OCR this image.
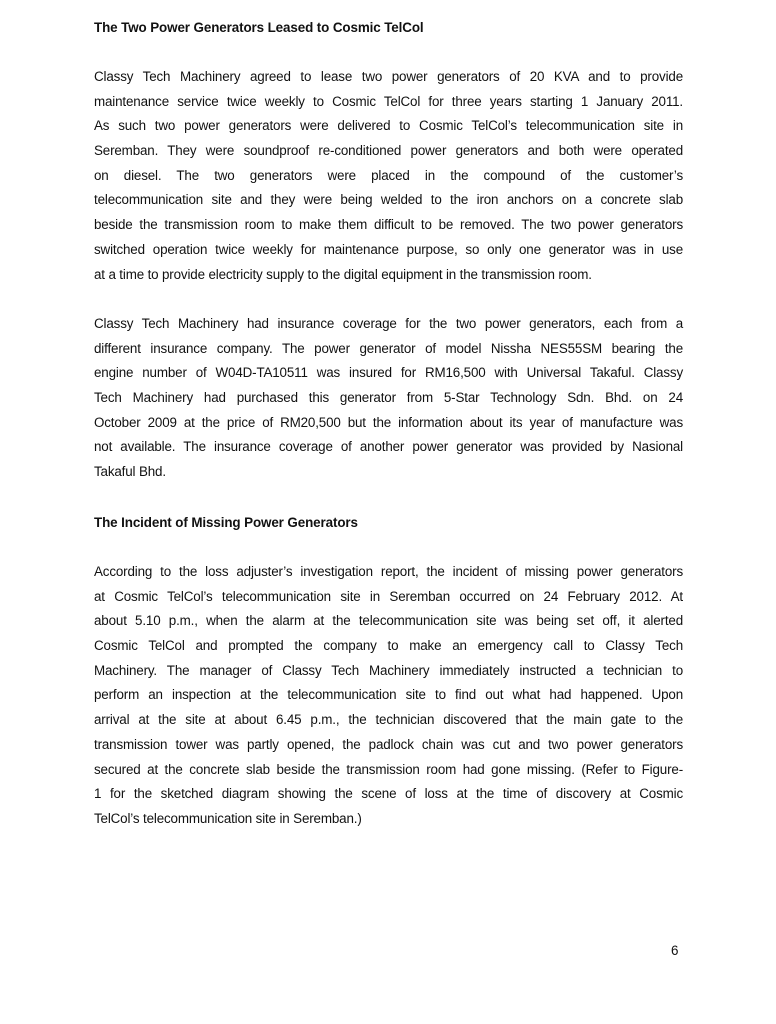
The Two Power Generators Leased to Cosmic TelCol
Classy Tech Machinery agreed to lease two power generators of 20 KVA and to provide
maintenance service twice weekly to Cosmic TelCol for three years starting 1 January 2011.
As such two power generators were delivered to Cosmic TelCol’s telecommunication site in
Seremban. They were soundproof re-conditioned power generators and both were operated
on diesel. The two generators were placed in the compound of the customer’s
telecommunication site and they were being welded to the iron anchors on a concrete slab
beside the transmission room to make them difficult to be removed. The two power generators
switched operation twice weekly for maintenance purpose, so only one generator was in use
at a time to provide electricity supply to the digital equipment in the transmission room.
Classy Tech Machinery had insurance coverage for the two power generators, each from a
different insurance company. The power generator of model Nissha NES55SM bearing the
engine number of W04D-TA10511 was insured for RM16,500 with Universal Takaful. Classy
Tech Machinery had purchased this generator from 5-Star Technology Sdn. Bhd. on 24
October 2009 at the price of RM20,500 but the information about its year of manufacture was
not available. The insurance coverage of another power generator was provided by Nasional
Takaful Bhd.
The Incident of Missing Power Generators
According to the loss adjuster’s investigation report, the incident of missing power generators
at Cosmic TelCol’s telecommunication site in Seremban occurred on 24 February 2012. At
about 5.10 p.m., when the alarm at the telecommunication site was being set off, it alerted
Cosmic TelCol and prompted the company to make an emergency call to Classy Tech
Machinery. The manager of Classy Tech Machinery immediately instructed a technician to
perform an inspection at the telecommunication site to find out what had happened. Upon
arrival at the site at about 6.45 p.m., the technician discovered that the main gate to the
transmission tower was partly opened, the padlock chain was cut and two power generators
secured at the concrete slab beside the transmission room had gone missing. (Refer to Figure-
1 for the sketched diagram showing the scene of loss at the time of discovery at Cosmic
TelCol’s telecommunication site in Seremban.)
6
